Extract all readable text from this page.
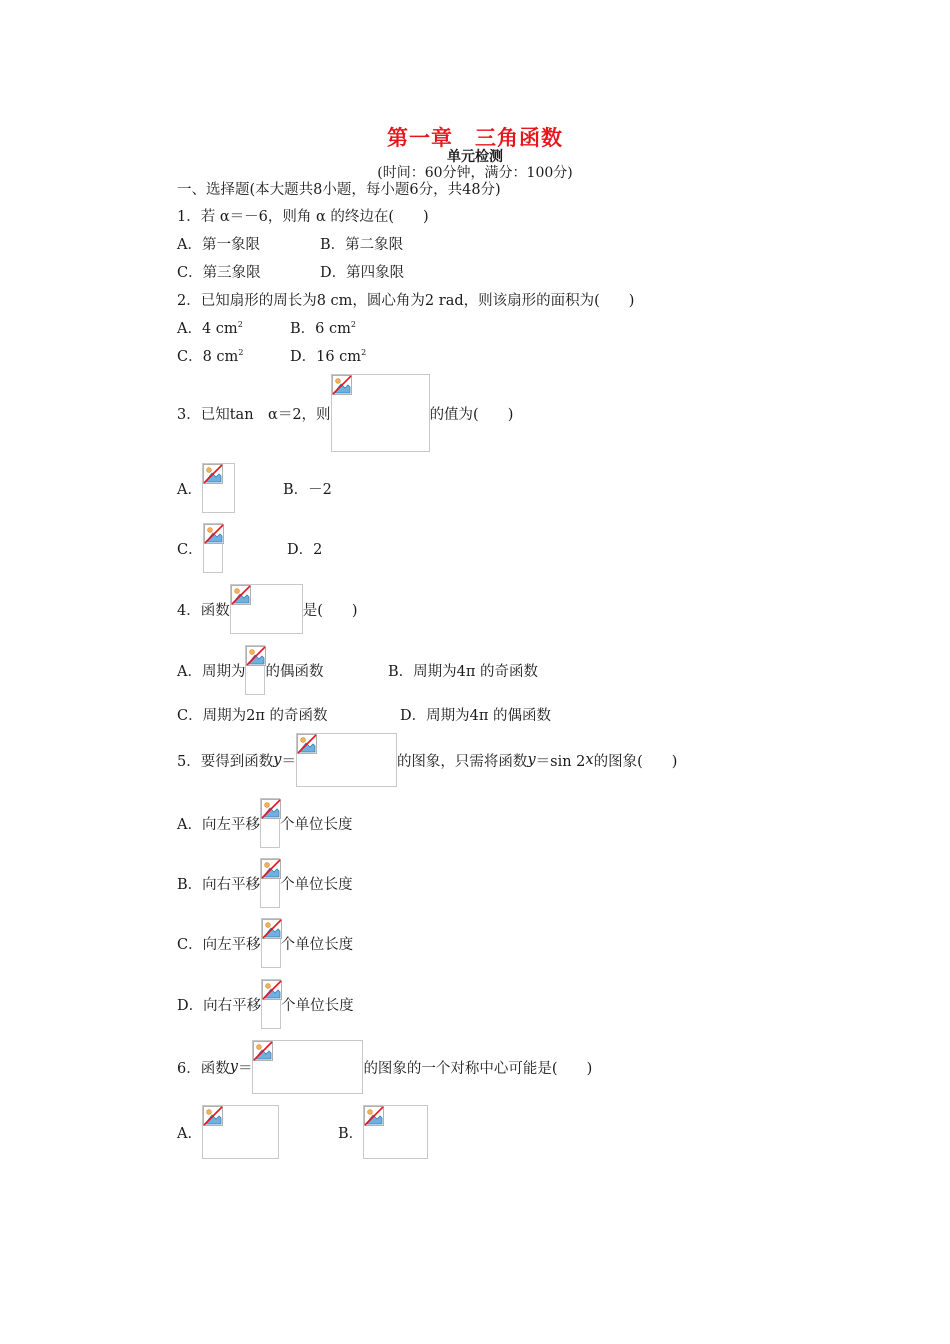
第一章　三角函数
单元检测
(时间：60分钟，满分：100分)
一、选择题(本大题共8小题，每小题6分，共48分)
1．若 α＝－6，则角 α 的终边在(　　)
A．第一象限	B．第二象限
C．第三象限	D．第四象限
2．已知扇形的周长为8 cm，圆心角为2 rad，则该扇形的面积为(　　)
A．4 $cm^2$	B．6 $cm^2$
C．8 $cm^2$	D．16 $cm^2$
3．已知tan　α＝2，则	的值为(　　)
A．	B．－2
C．	D．2
4．函数	是(　　)
A．周期为 的偶函数	B．周期为4π 的奇函数
C．周期为2π 的奇函数	D．周期为4π 的偶函数
5．要得到函数 y ＝	的图象，只需将函数 y ＝sin 2 x 的图象(　　)
A．向左平移 个单位长度
B．向右平移 个单位长度
C．向左平移 个单位长度
D．向右平移 个单位长度
6．函数 y ＝	的图象的一个对称中心可能是(　　)
A．	B．
